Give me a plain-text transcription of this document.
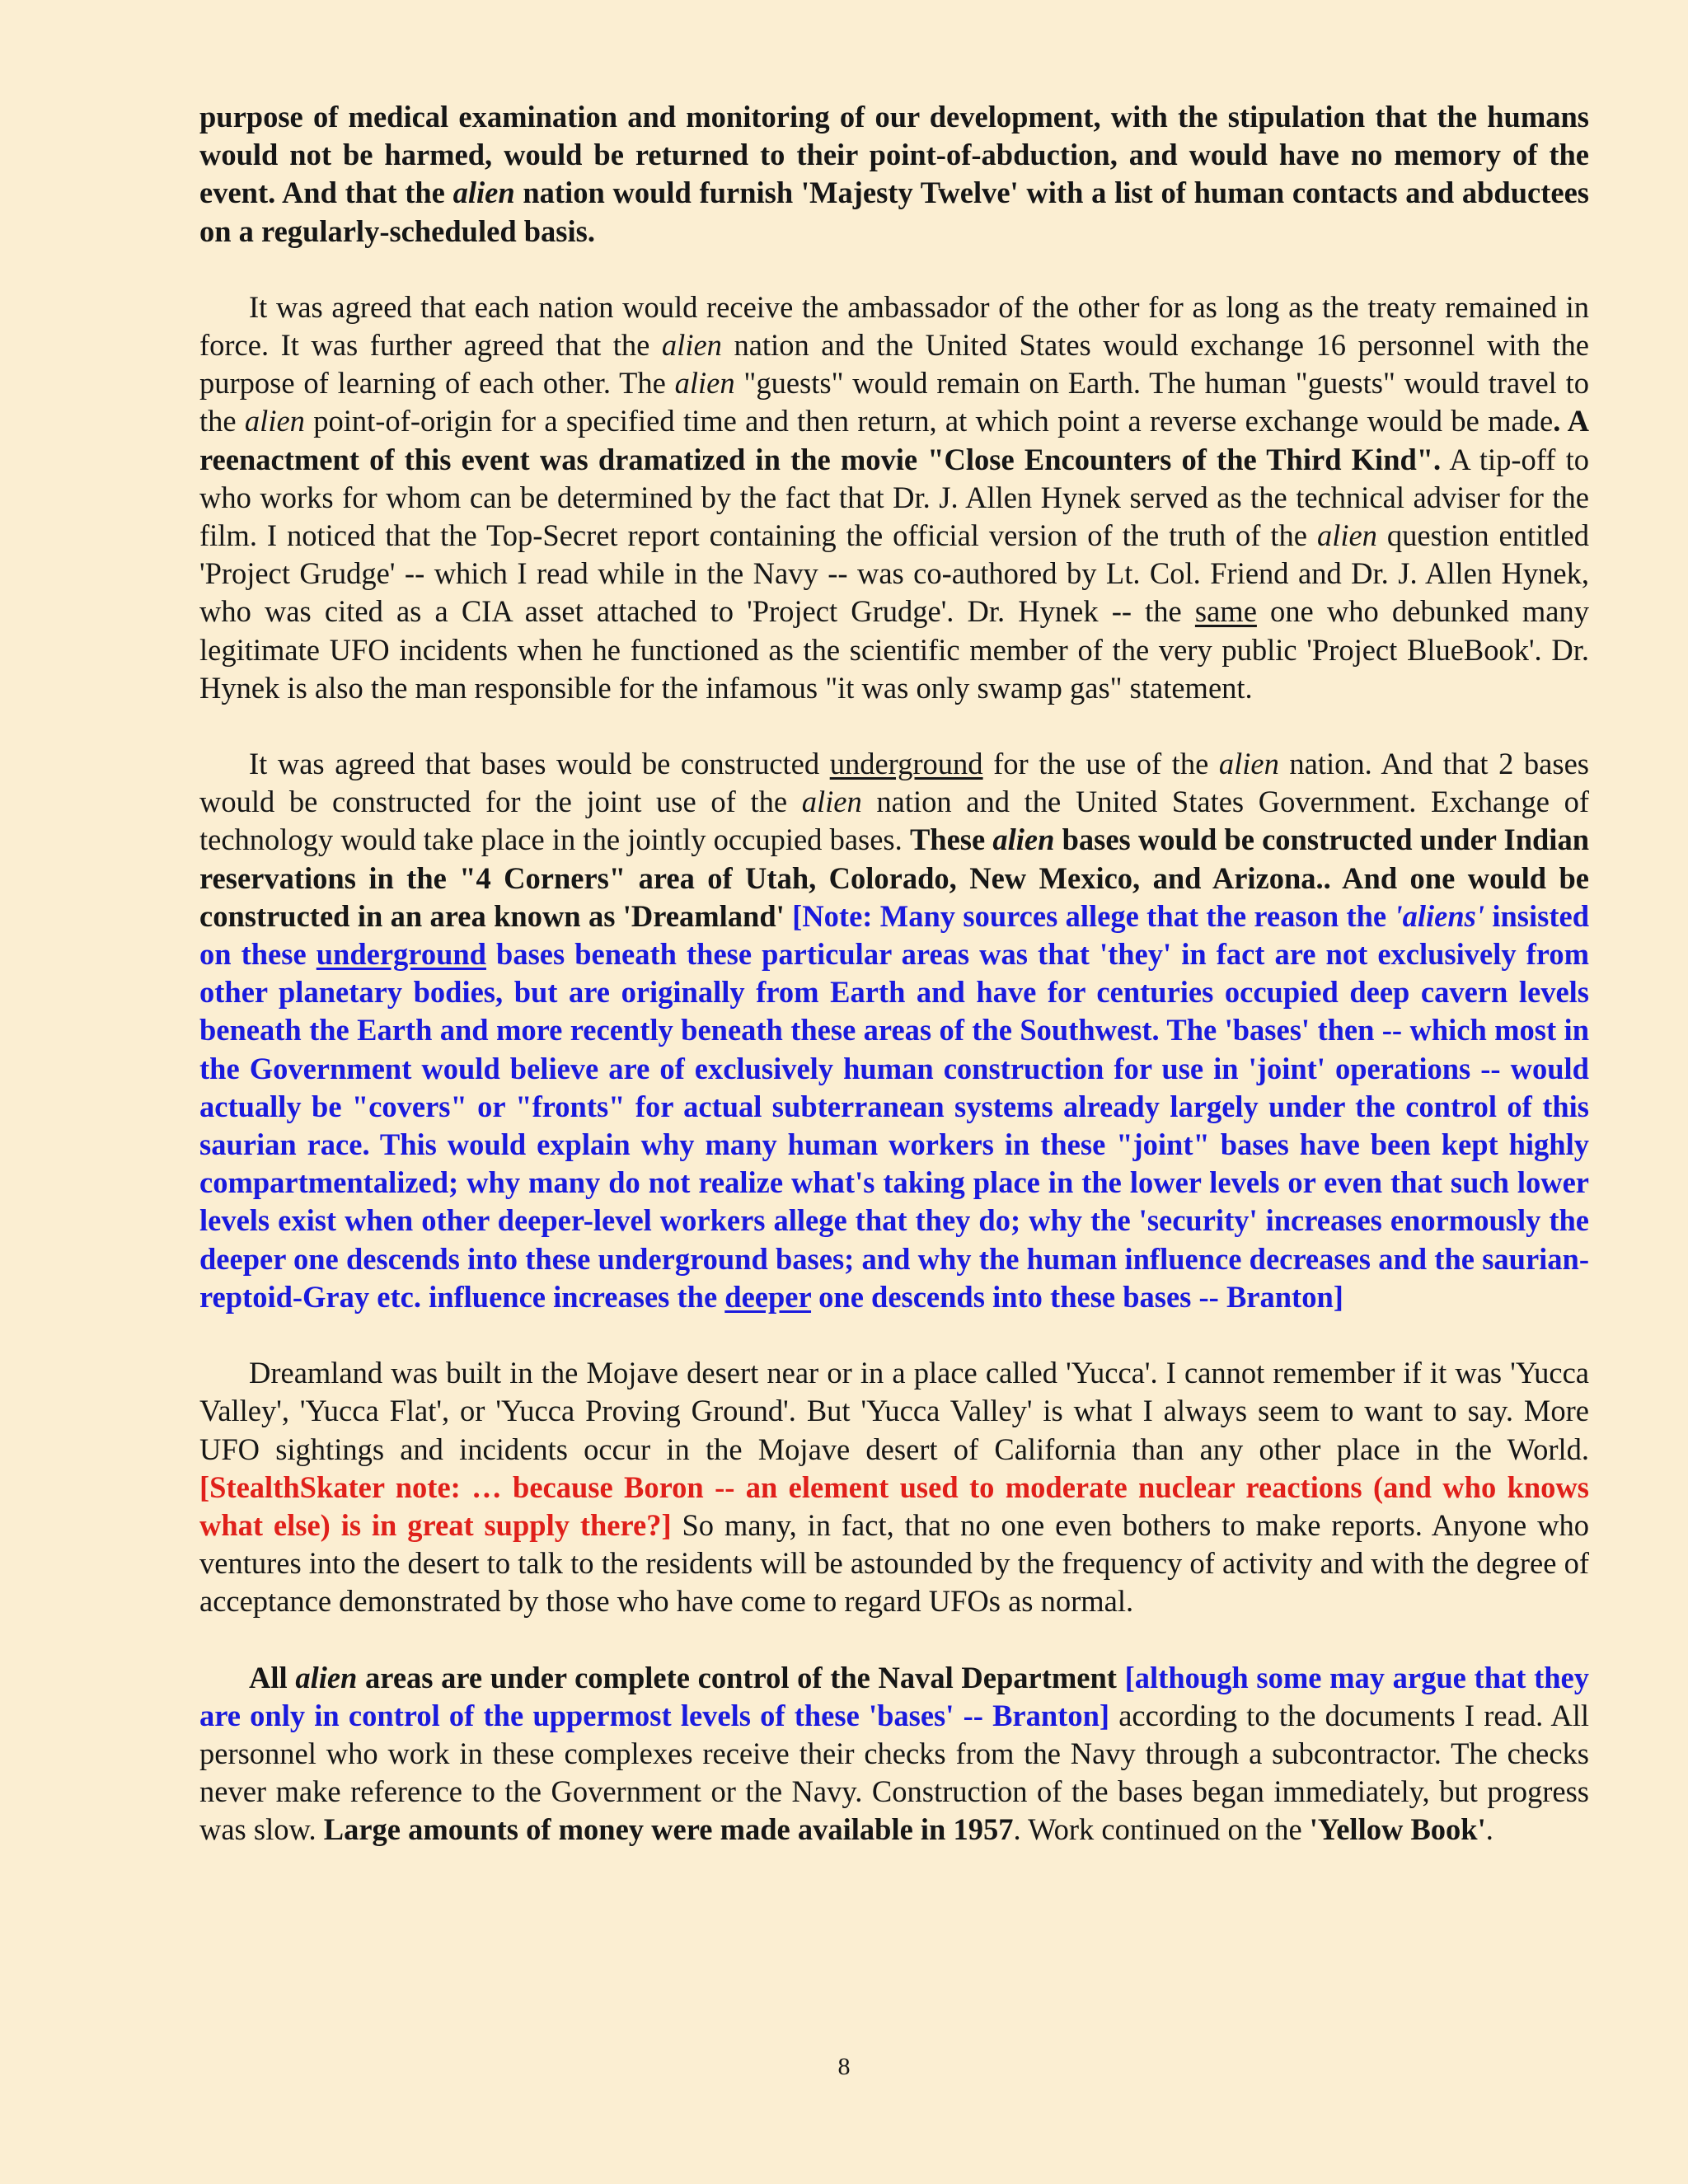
purpose of medical examination and monitoring of our development, with the stipulation that the humans would not be harmed, would be returned to their point-of-abduction, and would have no memory of the event. And that the alien nation would furnish 'Majesty Twelve' with a list of human contacts and abductees on a regularly-scheduled basis.

It was agreed that each nation would receive the ambassador of the other for as long as the treaty remained in force. It was further agreed that the alien nation and the United States would exchange 16 personnel with the purpose of learning of each other. The alien "guests" would remain on Earth. The human "guests" would travel to the alien point-of-origin for a specified time and then return, at which point a reverse exchange would be made. A reenactment of this event was dramatized in the movie "Close Encounters of the Third Kind". A tip-off to who works for whom can be determined by the fact that Dr. J. Allen Hynek served as the technical adviser for the film. I noticed that the Top-Secret report containing the official version of the truth of the alien question entitled 'Project Grudge' -- which I read while in the Navy -- was co-authored by Lt. Col. Friend and Dr. J. Allen Hynek, who was cited as a CIA asset attached to 'Project Grudge'. Dr. Hynek -- the same one who debunked many legitimate UFO incidents when he functioned as the scientific member of the very public 'Project BlueBook'. Dr. Hynek is also the man responsible for the infamous "it was only swamp gas" statement.

It was agreed that bases would be constructed underground for the use of the alien nation. And that 2 bases would be constructed for the joint use of the alien nation and the United States Government. Exchange of technology would take place in the jointly occupied bases. These alien bases would be constructed under Indian reservations in the "4 Corners" area of Utah, Colorado, New Mexico, and Arizona.. And one would be constructed in an area known as 'Dreamland' [Note: Many sources allege that the reason the 'aliens' insisted on these underground bases beneath these particular areas was that 'they' in fact are not exclusively from other planetary bodies, but are originally from Earth and have for centuries occupied deep cavern levels beneath the Earth and more recently beneath these areas of the Southwest. The 'bases' then -- which most in the Government would believe are of exclusively human construction for use in 'joint' operations -- would actually be "covers" or "fronts" for actual subterranean systems already largely under the control of this saurian race. This would explain why many human workers in these "joint" bases have been kept highly compartmentalized; why many do not realize what's taking place in the lower levels or even that such lower levels exist when other deeper-level workers allege that they do; why the 'security' increases enormously the deeper one descends into these underground bases; and why the human influence decreases and the saurian-reptoid-Gray etc. influence increases the deeper one descends into these bases -- Branton]

Dreamland was built in the Mojave desert near or in a place called 'Yucca'. I cannot remember if it was 'Yucca Valley', 'Yucca Flat', or 'Yucca Proving Ground'. But 'Yucca Valley' is what I always seem to want to say. More UFO sightings and incidents occur in the Mojave desert of California than any other place in the World. [StealthSkater note: … because Boron -- an element used to moderate nuclear reactions (and who knows what else) is in great supply there?] So many, in fact, that no one even bothers to make reports. Anyone who ventures into the desert to talk to the residents will be astounded by the frequency of activity and with the degree of acceptance demonstrated by those who have come to regard UFOs as normal.

All alien areas are under complete control of the Naval Department [although some may argue that they are only in control of the uppermost levels of these 'bases' -- Branton] according to the documents I read. All personnel who work in these complexes receive their checks from the Navy through a subcontractor. The checks never make reference to the Government or the Navy. Construction of the bases began immediately, but progress was slow. Large amounts of money were made available in 1957. Work continued on the 'Yellow Book'.

8
